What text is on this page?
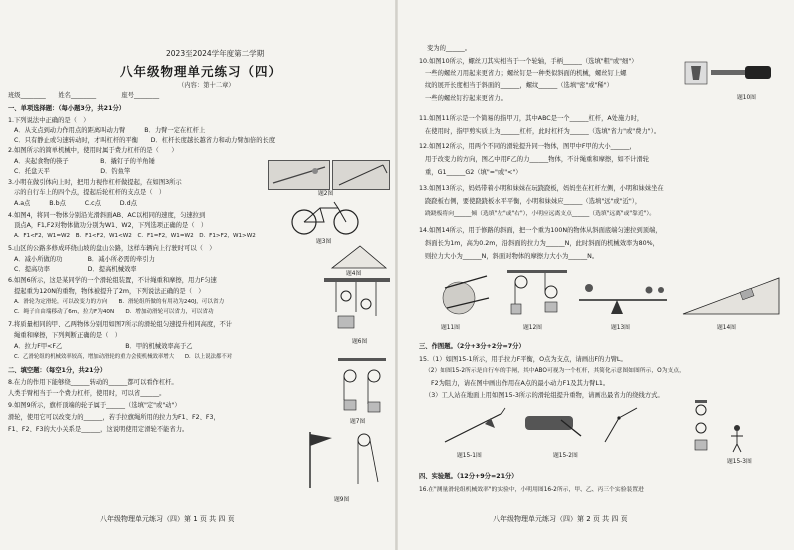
2023至2024学年度第二学期
八年级物理单元练习（四）
（内容：第十二章）
班级________　　姓名________　　　　座号________
一、单项选择题：（每小题3分，共21分）
1.下列说法中正确的是（　）
A．从支点到动力作用点的距离叫动力臂　　　B．力臂一定在杠杆上
C．只有静止或匀速转动时，才叫杠杆的平衡　　D．杠杆长度越长越省力和动力臂加倍的长度
2.如图所示的简单机械中，使用时属于费力杠杆的是（　　）
A．夹起食物的筷子　　　　　B．撬钉子的羊角锤
C．托盘天平　　　　　　　　D．钓鱼竿
题2图
3.小明在做引体向上时，把用力视作杠杆做提起，在如图3所示
示的自行车上的四个点，提起后轮杠杆的支点是（　）
A.a点　　　B.b点　　　C.c点　　　D.d点
题3图
4.如图4，将同一物体分别沿光滑斜面AB、AC以相同的速度，匀速拉到
顶点A，F1,F2对物体做功分别为W1、W2，下列选项正确的是（　）
A．F1<F2，W1=W2　B．F1<F2，W1<W2　C．F1=F2，W1=W2　D．F1>F2，W1>W2
题4图
5.山区的公路多修成环绕山坡的盘山公路，这样车辆向上行驶时可以（　）
A．减小所做的功　　　　B．减小所必需的牵引力
C．提高功率　　　　　　D．提高机械效率
题6图
6.如图6所示，这是某同学的一个滑轮组装置，不计绳重和摩擦，用力F匀速
提起重为120N的重物，物体被提升了2m，下列说法正确的是（　）
A．滑轮为定滑轮，可以改变力的方向　　B．滑轮组所做的有用功为240J，可以省力
C．绳子自由端移动了6m，拉力F为40N　　D．增加动滑轮可以省力，可以省功
7.将质量相同的甲、乙两物体分别用如图7所示的滑轮组匀速提升相同高度，不计
绳重和摩擦，下列判断正确的是（　）
A．拉力F甲<F乙　　　　　　　　　　B．甲的机械效率高于乙
C．乙滑轮组的机械效率较高，增加动滑轮的重力会使机械效率增大　　D．以上说法都不对
题7图
二、填空题：（每空1分，共21分）
8.在力的作用下能够绕______转动的______都可以看作杠杆。
人类手臂相当于一个费力杠杆，使用时，可以省______。
9.如图9所示，旗杆顶端的轮子属于______（选填"定"或"动"）
滑轮，使用它可以改变力的______，若手拉旗绳所用的拉力为F1、F2、F3，
F1、F2、F3的大小关系是______，这说明使用定滑轮不能省力。
题9图
八年级物理单元练习（四）第 1 页 共 四 页
变为的______。
10.如图10所示，螺丝刀其实相当于一个轮轴，手柄______（选填"粗"或"细"）
一些的螺丝刀用起来更省力；螺丝钉是一种类似斜面的机械，螺丝钉上螺
纹的展开长度相当于斜面的______，螺纹______（选填"密"或"稀"）
一些的螺丝钉拧起来更省力。	题10图
11.如图11所示是一个简易的指甲刀，其中ABC是一个______杠杆，A处施力时，
在使用时，指甲剪实质上为______杠杆，此时杠杆为______（选填"省力"或"费力"）。
12.如图12所示，用两个不同的滑轮提升同一物体，图甲中F甲的大小______，
用于改变力的方向，图乙中用F乙的力______物体，不计绳重和摩擦，如不计滑轮
重，G1______G2（填"="或"<"）
13.如图13所示，妈妈带着小明和妹妹在玩跷跷板，妈妈坐在杠杆左侧，小明和妹妹坐在
跷跷板右侧，要使跷跷板水平平衡，小明和妹妹应______（选填"远"或"近"），
跷跷板将向______倾（选填"左"或"右"），小明应远离支点______（选填"远离"或"靠近"）。
14.如图14所示，用于修路的斜面，把一个重为100N的物体从斜面底端匀速拉到顶端，
斜面长为1m，高为0.2m，沿斜面的拉力为______N，此时斜面的机械效率为80%，
则拉力大小为______N，斜面对物体的摩擦力大小为______N。
题11图	题12图	题13图	题14图
三、作图题。（2分+3分+2分=7分）
15.（1）如图15-1所示，用手拉力F平衡，O点为支点，请画出F的力臂L。
（2）如图15-2所示是自行车的手闸，其中ABO可视为一个杠杆，其简化示意图如图所示，O为支点，
F2为阻力，请在图中画出作用在A点的最小动力F1及其力臂L1。
（3）工人站在地面上用如图15-3所示的滑轮组提升重物，请画出最省力的绕线方式。
题15-1图	题15-2图
题15-3图
四、实验题。（12分+9分=21分）
16.在"测量滑轮组机械效率"的实验中，小明用图16-2所示，甲、乙、丙三个实验装置进
八年级物理单元练习（四）第 2 页 共 四 页
